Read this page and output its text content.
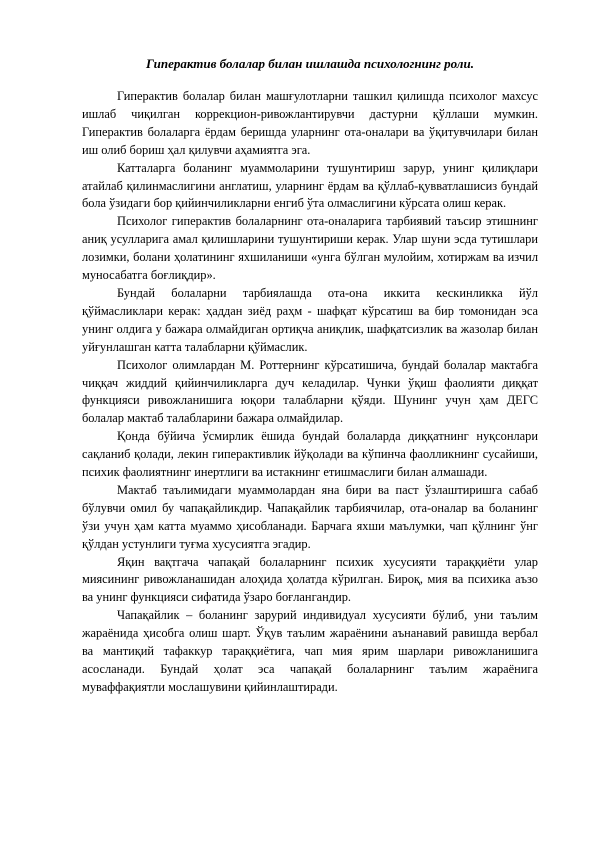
Гиперактив болалар билан ишлашда психологнинг роли.

Гиперактив болалар билан машғулотларни ташкил қилишда психолог махсус ишлаб чиқилган коррекцион-ривожлантирувчи дастурни қўллаши мумкин. Гиперактив болаларга ёрдам беришда уларнинг ота-оналари ва ўқитувчилари билан иш олиб бориш ҳал қилувчи аҳамиятга эга.

Катталарга боланинг муаммоларини тушунтириш зарур, унинг қилиқлари атайлаб қилинмаслигини англатиш, уларнинг ёрдам ва қўллаб-қувватлашисиз бундай бола ўзидаги бор қийинчиликларни енгиб ўта олмаслигини кўрсата олиш керак.

Психолог гиперактив болаларнинг ота-оналарига тарбиявий таъсир этишнинг аниқ усулларига амал қилишларини тушунтириши керак. Улар шуни эсда тутишлари лозимки, болани ҳолатининг яхшиланиши «унга бўлган мулойим, хотиржам ва изчил муносабатга боғлиқдир».

Бундай болаларни тарбиялашда ота-она иккита кескинликка йўл қўймасликлари керак: ҳаддан зиёд раҳм - шафқат кўрсатиш ва бир томонидан эса унинг олдига у бажара олмайдиган ортиқча аниқлик, шафқатсизлик ва жазолар билан уйғунлашган катта талабларни қўймаслик.

Психолог олимлардан М. Роттернинг кўрсатишича, бундай болалар мактабга чиққач жиддий қийинчиликларга дуч келадилар. Чунки ўқиш фаолияти диққат функцияси ривожланишига юқори талабларни қўяди. Шунинг учун ҳам ДЕГС болалар мактаб талабларини бажара олмайдилар.

Қонда бўйича ўсмирлик ёшида бундай болаларда диққатнинг нуқсонлари сақланиб қолади, лекин гиперактивлик йўқолади ва кўпинча фаолликнинг сусайиши, психик фаолиятнинг инертлиги ва истакнинг етишмаслиги билан алмашади.

Мактаб таълимидаги муаммолардан яна бири ва паст ўзлаштиришга сабаб бўлувчи омил бу чапақайликдир. Чапақайлик тарбиячилар, ота-оналар ва боланинг ўзи учун ҳам катта муаммо ҳисобланади. Барчага яхши маълумки, чап қўлнинг ўнг қўлдан устунлиги туғма хусусиятга эгадир.

Яқин вақтгача чапақай болаларнинг психик хусусияти тараққиёти улар миясининг ривожланашидан алоҳида ҳолатда кўрилган. Бироқ, мия ва психика аъзо ва унинг функцияси сифатида ўзаро боғлангандир.

Чапақайлик – боланинг зарурий индивидуал хусусияти бўлиб, уни таълим жараёнида ҳисобга олиш шарт. Ўқув таълим жараёнини аънанавий равишда вербал ва мантиқий тафаккур тараққиётига, чап мия ярим шарлари ривожланишига асосланади. Бундай ҳолат эса чапақай болаларнинг таълим жараёнига муваффақиятли мослашувини қийинлаштиради.
